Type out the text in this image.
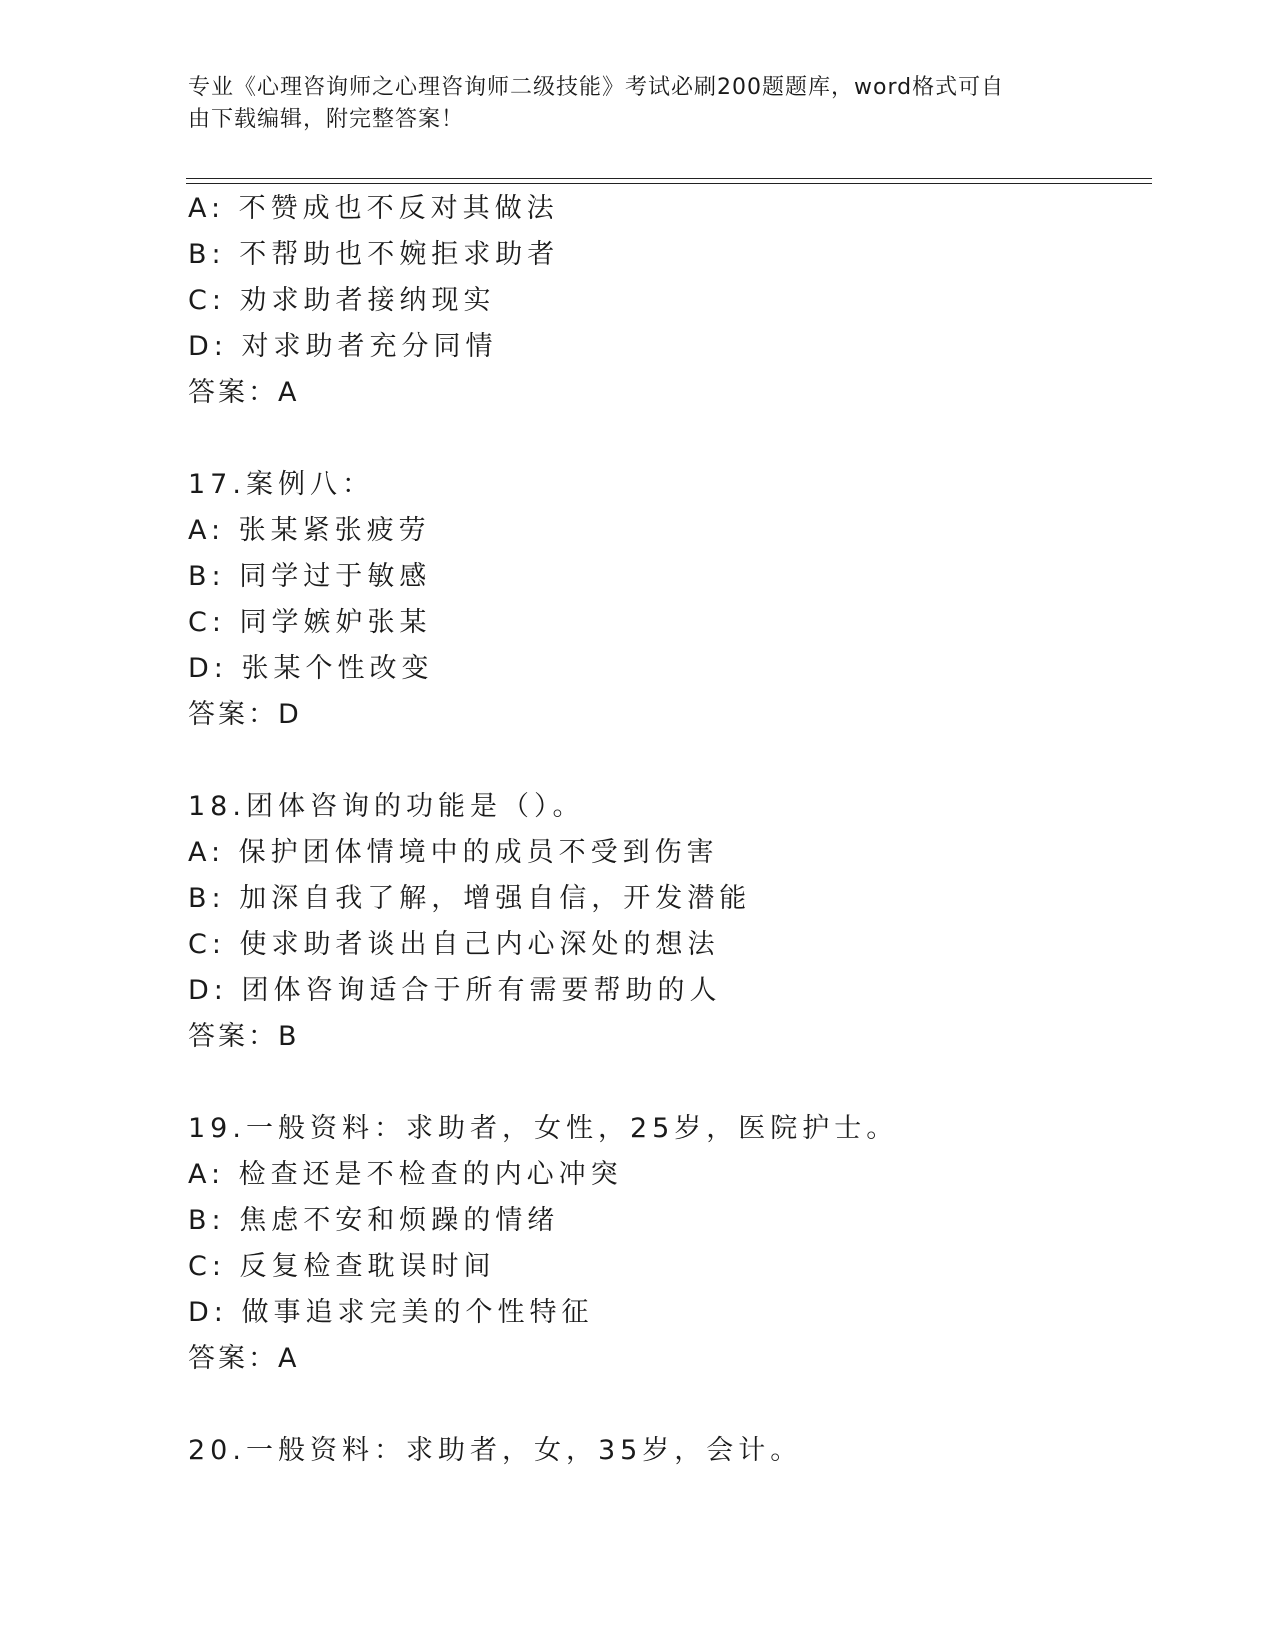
专业《心理咨询师之心理咨询师二级技能》考试必刷200题题库，word格式可自
由下载编辑，附完整答案！
A: 不赞成也不反对其做法
B: 不帮助也不婉拒求助者
C: 劝求助者接纳现实
D: 对求助者充分同情
答案：A
17.案例八：
A: 张某紧张疲劳
B: 同学过于敏感
C: 同学嫉妒张某
D: 张某个性改变
答案：D
18.团体咨询的功能是（）。
A: 保护团体情境中的成员不受到伤害
B: 加深自我了解，增强自信，开发潜能
C: 使求助者谈出自己内心深处的想法
D: 团体咨询适合于所有需要帮助的人
答案：B
19.一般资料：求助者，女性，25岁，医院护士。
A: 检查还是不检查的内心冲突
B: 焦虑不安和烦躁的情绪
C: 反复检查耽误时间
D: 做事追求完美的个性特征
答案：A
20.一般资料：求助者，女，35岁，会计。
